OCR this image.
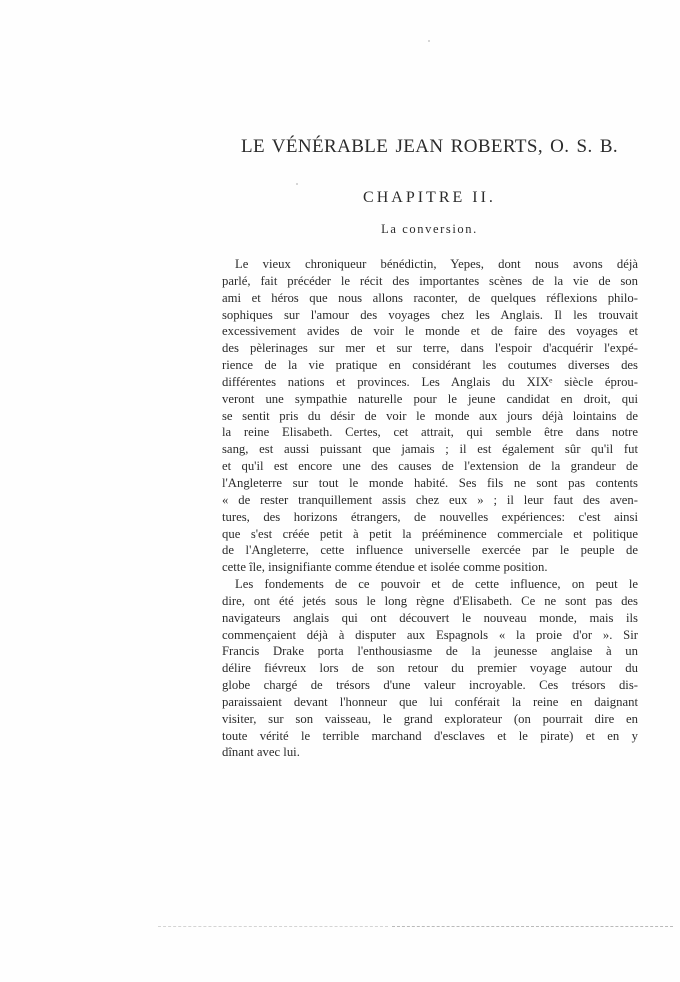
LE VÉNÉRABLE JEAN ROBERTS, O. S. B.
CHAPITRE II.
La conversion.
Le vieux chroniqueur bénédictin, Yepes, dont nous avons déjà
parlé, fait précéder le récit des importantes scènes de la vie de son
ami et héros que nous allons raconter, de quelques réflexions philo-
sophiques sur l'amour des voyages chez les Anglais. Il les trouvait
excessivement avides de voir le monde et de faire des voyages et
des pèlerinages sur mer et sur terre, dans l'espoir d'acquérir l'expé-
rience de la vie pratique en considérant les coutumes diverses des
différentes nations et provinces. Les Anglais du XIXᵉ siècle éprou-
veront une sympathie naturelle pour le jeune candidat en droit, qui
se sentit pris du désir de voir le monde aux jours déjà lointains de
la reine Elisabeth. Certes, cet attrait, qui semble être dans notre
sang, est aussi puissant que jamais ; il est également sûr qu'il fut
et qu'il est encore une des causes de l'extension de la grandeur de
l'Angleterre sur tout le monde habité. Ses fils ne sont pas contents
« de rester tranquillement assis chez eux » ; il leur faut des aven-
tures, des horizons étrangers, de nouvelles expériences: c'est ainsi
que s'est créée petit à petit la prééminence commerciale et politique
de l'Angleterre, cette influence universelle exercée par le peuple de
cette île, insignifiante comme étendue et isolée comme position.
Les fondements de ce pouvoir et de cette influence, on peut le
dire, ont été jetés sous le long règne d'Elisabeth. Ce ne sont pas des
navigateurs anglais qui ont découvert le nouveau monde, mais ils
commençaient déjà à disputer aux Espagnols « la proie d'or ». Sir
Francis Drake porta l'enthousiasme de la jeunesse anglaise à un
délire fiévreux lors de son retour du premier voyage autour du
globe chargé de trésors d'une valeur incroyable. Ces trésors dis-
paraissaient devant l'honneur que lui conférait la reine en daignant
visiter, sur son vaisseau, le grand explorateur (on pourrait dire en
toute vérité le terrible marchand d'esclaves et le pirate) et en y
dînant avec lui.
